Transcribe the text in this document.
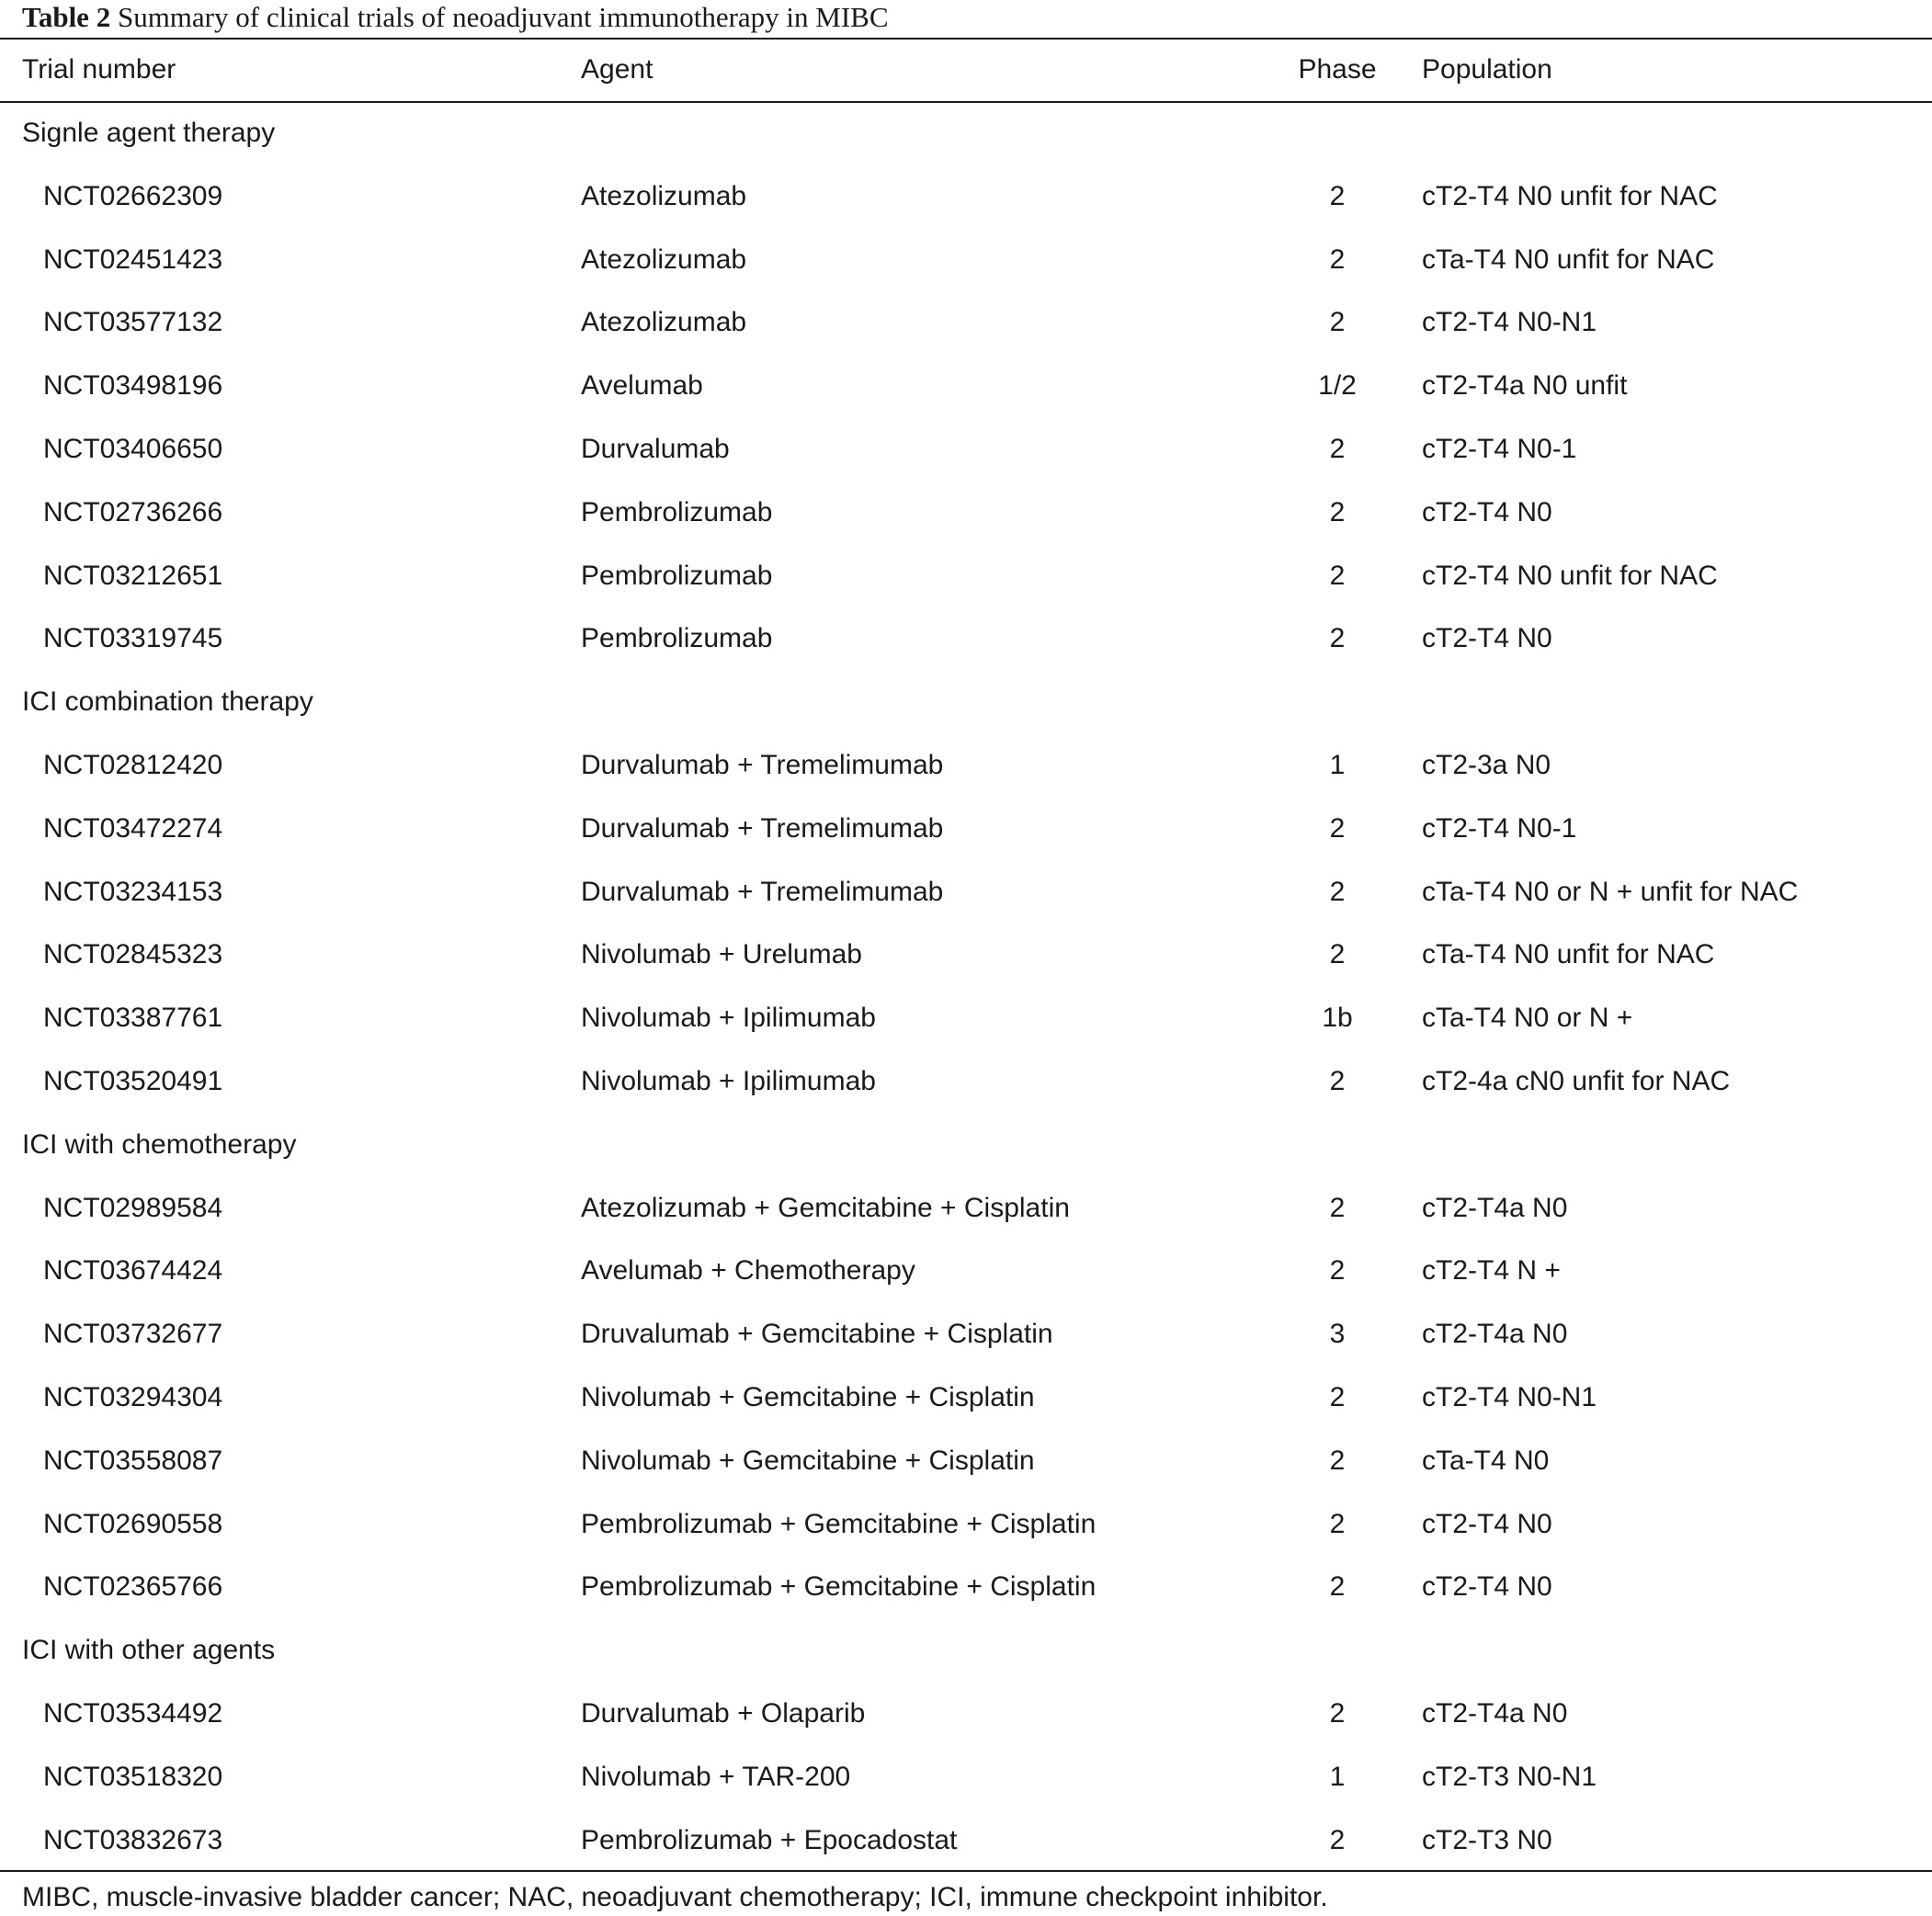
Table 2 Summary of clinical trials of neoadjuvant immunotherapy in MIBC
Trial number	Agent	Phase	Population
Signle agent therapy
NCT02662309	Atezolizumab	2	cT2-T4 N0 unfit for NAC
NCT02451423	Atezolizumab	2	cTa-T4 N0 unfit for NAC
NCT03577132	Atezolizumab	2	cT2-T4 N0-N1
NCT03498196	Avelumab	1/2	cT2-T4a N0 unfit
NCT03406650	Durvalumab	2	cT2-T4 N0-1
NCT02736266	Pembrolizumab	2	cT2-T4 N0
NCT03212651	Pembrolizumab	2	cT2-T4 N0 unfit for NAC
NCT03319745	Pembrolizumab	2	cT2-T4 N0
ICI combination therapy
NCT02812420	Durvalumab + Tremelimumab	1	cT2-3a N0
NCT03472274	Durvalumab + Tremelimumab	2	cT2-T4 N0-1
NCT03234153	Durvalumab + Tremelimumab	2	cTa-T4 N0 or N + unfit for NAC
NCT02845323	Nivolumab + Urelumab	2	cTa-T4 N0 unfit for NAC
NCT03387761	Nivolumab + Ipilimumab	1b	cTa-T4 N0 or N +
NCT03520491	Nivolumab + Ipilimumab	2	cT2-4a cN0 unfit for NAC
ICI with chemotherapy
NCT02989584	Atezolizumab + Gemcitabine + Cisplatin	2	cT2-T4a N0
NCT03674424	Avelumab + Chemotherapy	2	cT2-T4 N +
NCT03732677	Druvalumab + Gemcitabine + Cisplatin	3	cT2-T4a N0
NCT03294304	Nivolumab + Gemcitabine + Cisplatin	2	cT2-T4 N0-N1
NCT03558087	Nivolumab + Gemcitabine + Cisplatin	2	cTa-T4 N0
NCT02690558	Pembrolizumab + Gemcitabine + Cisplatin	2	cT2-T4 N0
NCT02365766	Pembrolizumab + Gemcitabine + Cisplatin	2	cT2-T4 N0
ICI with other agents
NCT03534492	Durvalumab + Olaparib	2	cT2-T4a N0
NCT03518320	Nivolumab + TAR-200	1	cT2-T3 N0-N1
NCT03832673	Pembrolizumab + Epocadostat	2	cT2-T3 N0
MIBC, muscle-invasive bladder cancer; NAC, neoadjuvant chemotherapy; ICI, immune checkpoint inhibitor.
